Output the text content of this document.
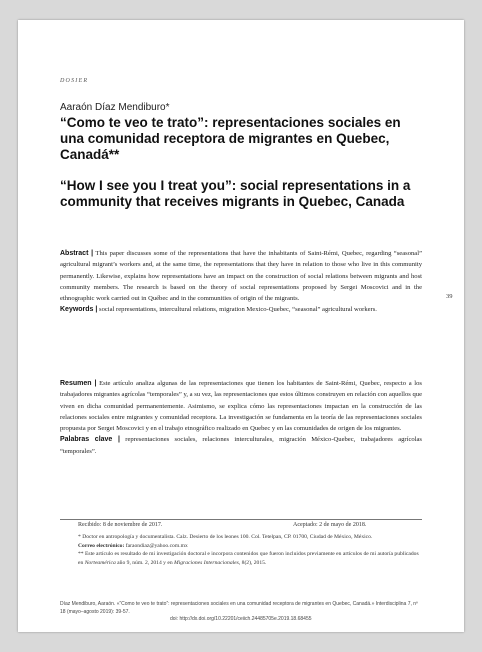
DOSIER
Aaraón Díaz Mendiburo*
“Como te veo te trato”: representaciones sociales en una comunidad receptora de migrantes en Quebec, Canadá**
“How I see you I treat you”: social representations in a community that receives migrants in Quebec, Canada
Abstract | This paper discusses some of the representations that have the inhabitants of Saint-Rémi, Quebec, regarding “seasonal” agricultural migrant’s workers and, at the same time, the representations that they have in relation to those who live in this community permanently. Likewise, explains how representations have an impact on the construction of social relations between migrants and host community members. The research is based on the theory of social representations proposed by Sergei Moscovici and in the ethnographic work carried out in Québec and in the communities of origin of the migrants.
Keywords | social representations, intercultural relations, migration Mexico-Quebec, “seasonal” agricultural workers.
39
Resumen | Este artículo analiza algunas de las representaciones que tienen los habitantes de Saint-Rémi, Quebec, respecto a los trabajadores migrantes agrícolas “temporales” y, a su vez, las representaciones que estos últimos construyen en relación con aquellos que viven en dicha comunidad permanentemente. Asimismo, se explica cómo las representaciones impactan en la construcción de las relaciones sociales entre migrantes y comunidad receptora. La investigación se fundamenta en la teoría de las representaciones sociales propuesta por Sergei Moscovici y en el trabajo etnográfico realizado en Quebec y en las comunidades de origen de los migrantes.
Palabras clave | representaciones sociales, relaciones interculturales, migración México-Quebec, trabajadores agrícolas “temporales”.
Recibido: 8 de noviembre de 2017.	Aceptado: 2 de mayo de 2018.
* Doctor en antropología y documentalista. Calz. Desierto de los leones 100. Col. Tetelpan, CP. 01700, Ciudad de México, México.
Correo electrónico: faraondiaz@yahoo.com.mx
** Este artículo es resultado de mi investigación doctoral e incorpora contenidos que fueron incluidos previamente en artículos de mi autoría publicados en Norteamérica año 9, núm. 2, 2014 y en Migraciones Internacionales, 8(2), 2015.
Díaz Mendiburo, Aaraón. «“Como te veo te trato”: representaciones sociales en una comunidad receptora de migrantes en Quebec, Canadá.» Interdisciplina 7, nº 18 (mayo–agosto 2019): 39-57.
doi: http://dx.doi.org/10.22201/ceiich.24485705e.2019.18.68455
